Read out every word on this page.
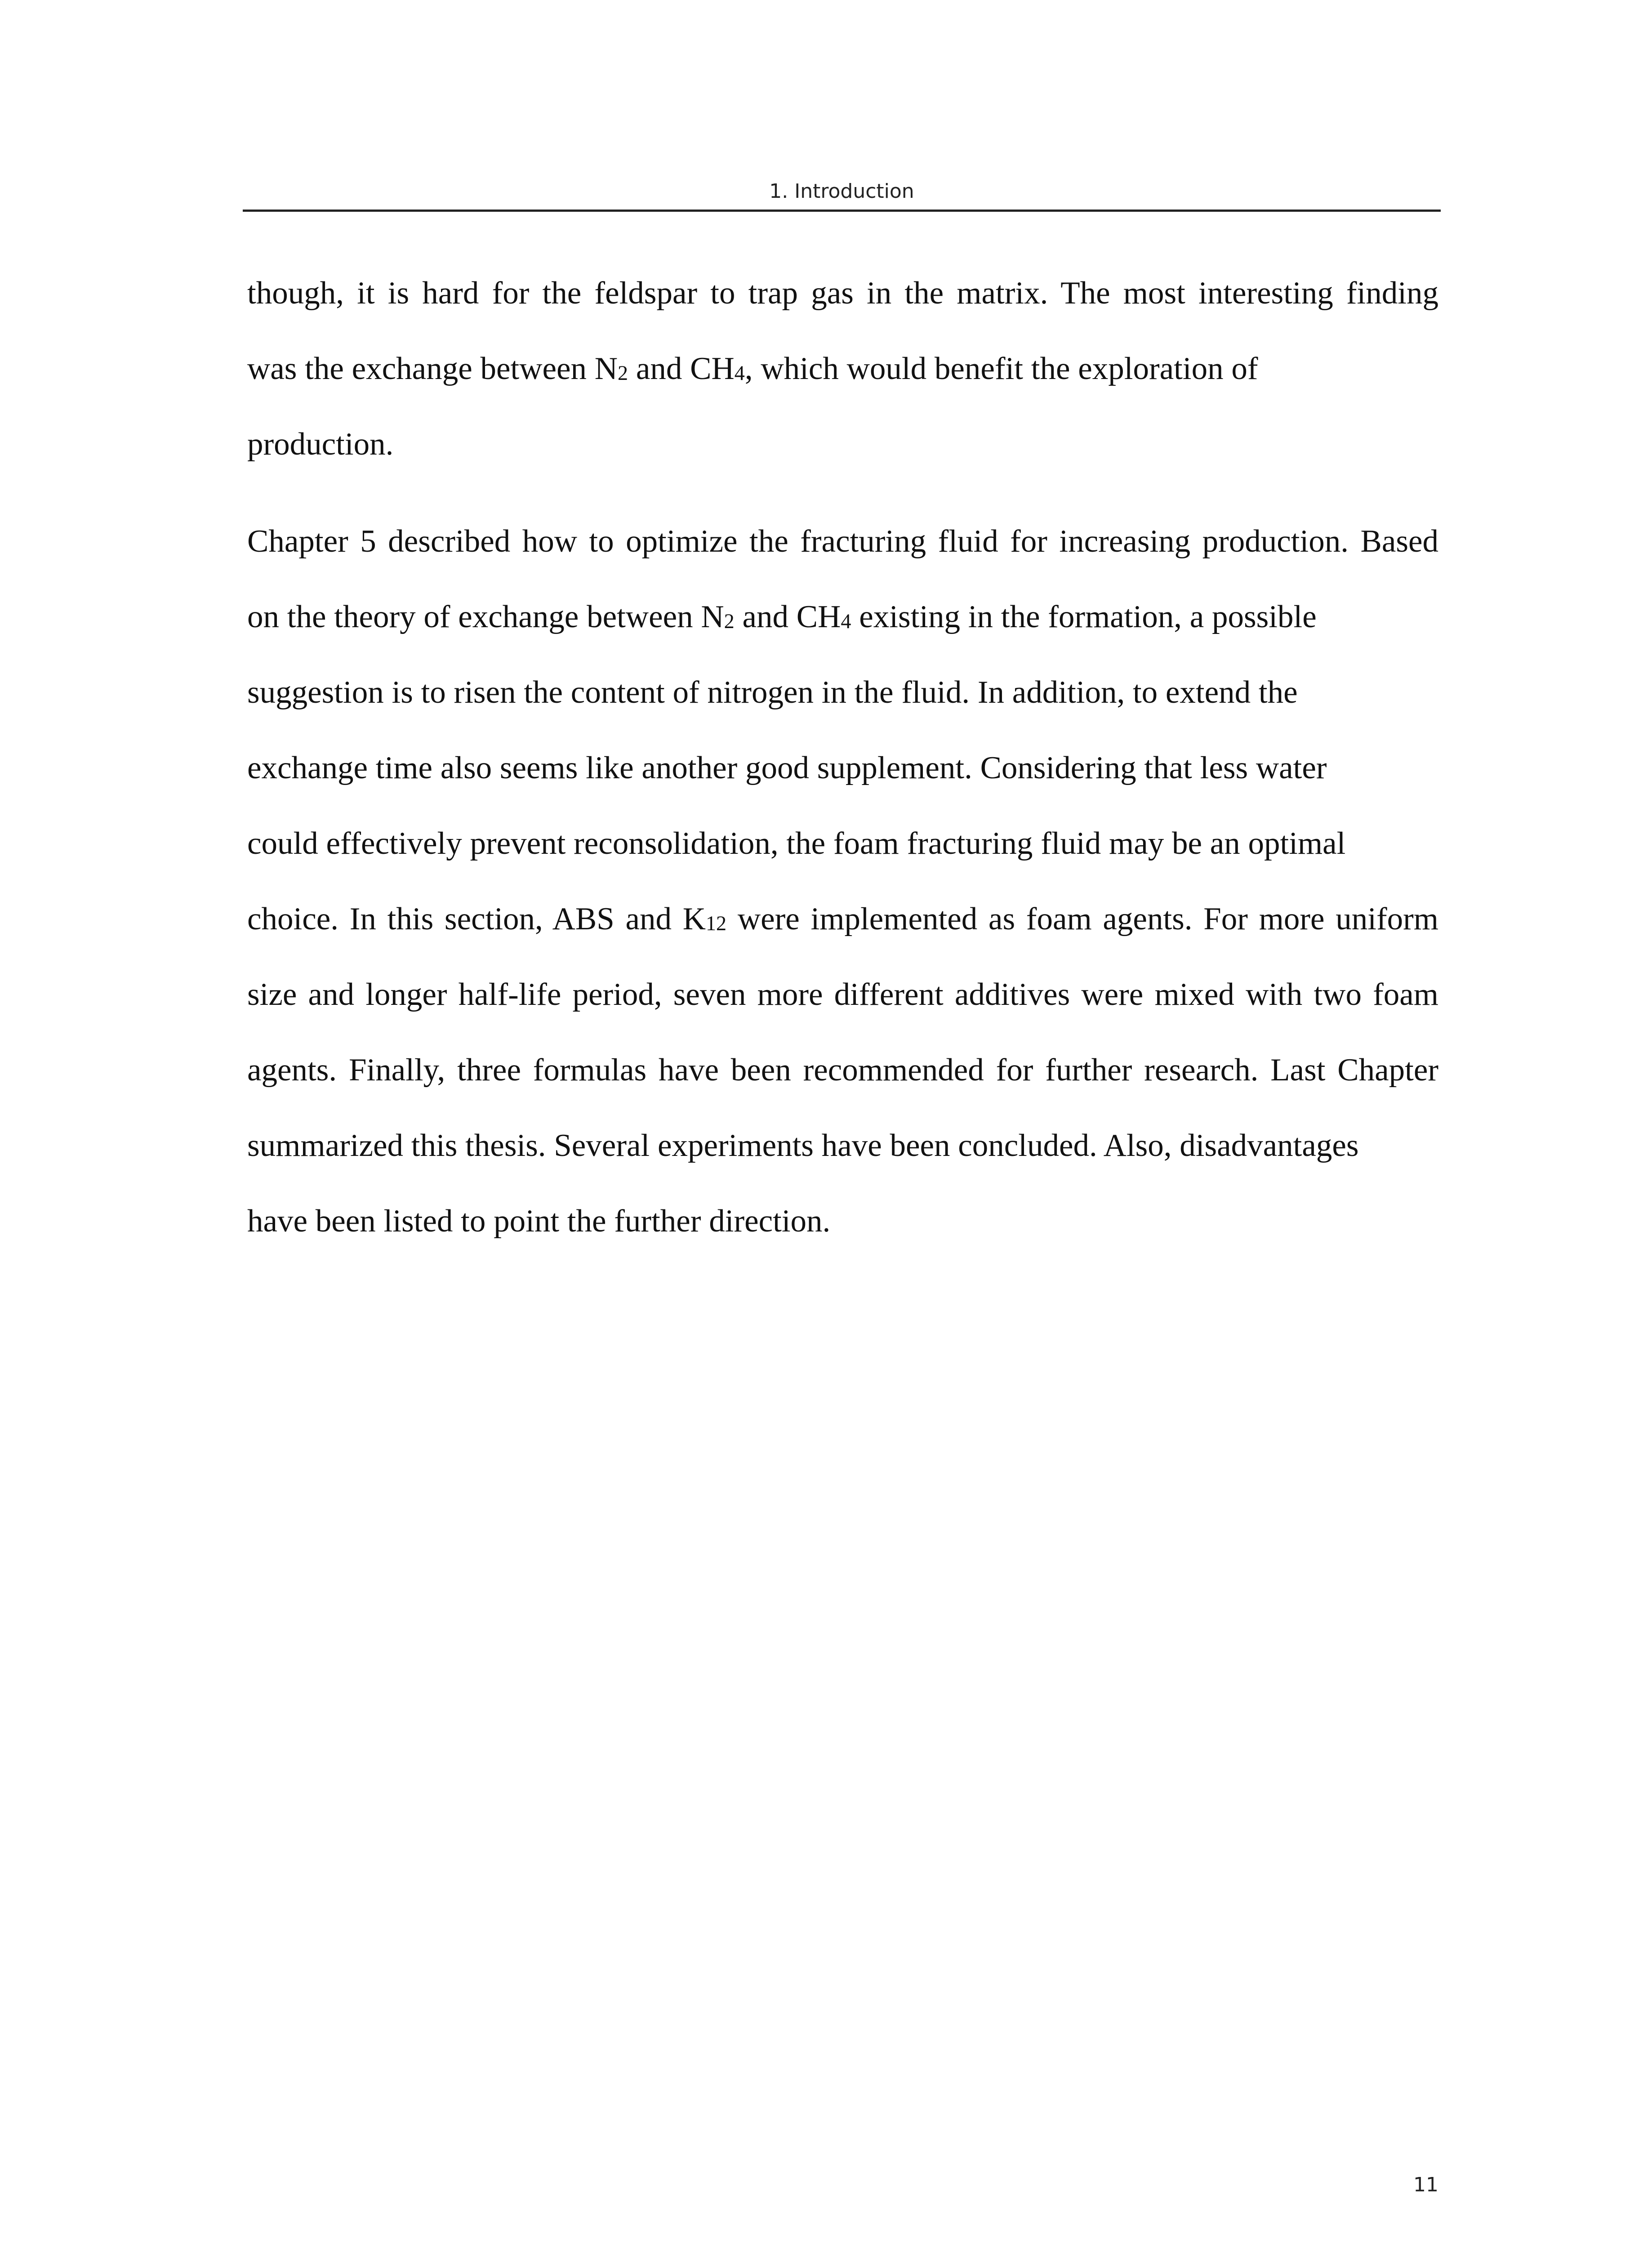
1. Introduction
though, it is hard for the feldspar to trap gas in the matrix. The most interesting finding
was the exchange between $N_2$ and $CH_4$, which would benefit the exploration of
production.
Chapter 5 described how to optimize the fracturing fluid for increasing production. Based
on the theory of exchange between $N_2$ and $CH_4$ existing in the formation, a possible
suggestion is to risen the content of nitrogen in the fluid. In addition, to extend the
exchange time also seems like another good supplement. Considering that less water
could effectively prevent reconsolidation, the foam fracturing fluid may be an optimal
choice. In this section, ABS and $K_{12}$ were implemented as foam agents. For more uniform
size and longer half-life period, seven more different additives were mixed with two foam
agents. Finally, three formulas have been recommended for further research. Last Chapter
summarized this thesis. Several experiments have been concluded. Also, disadvantages
have been listed to point the further direction.
11
